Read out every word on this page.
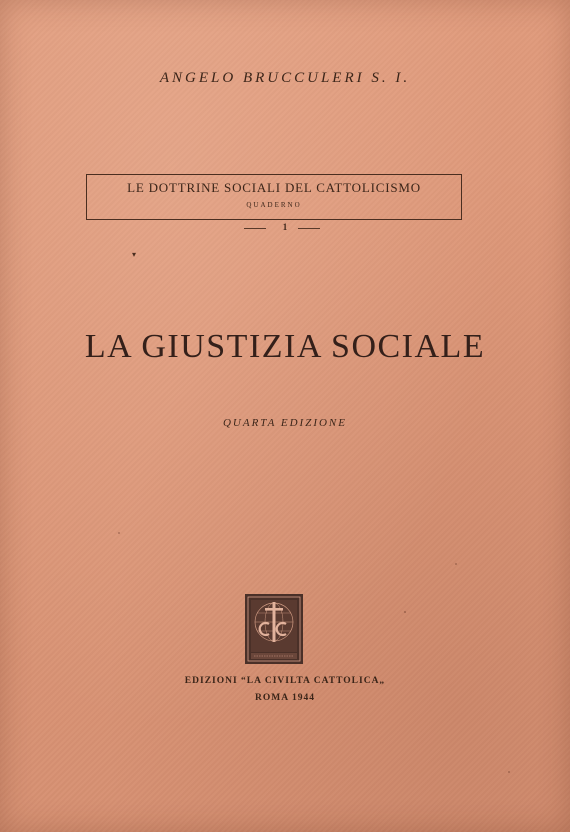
ANGELO BRUCCULERI S. I.
LE DOTTRINE SOCIALI DEL CATTOLICISMO
QUADERNO
1
▾
LA GIUSTIZIA SOCIALE
QUARTA EDIZIONE
EDIZIONI “LA CIVILTA CATTOLICA„
ROMA 1944
